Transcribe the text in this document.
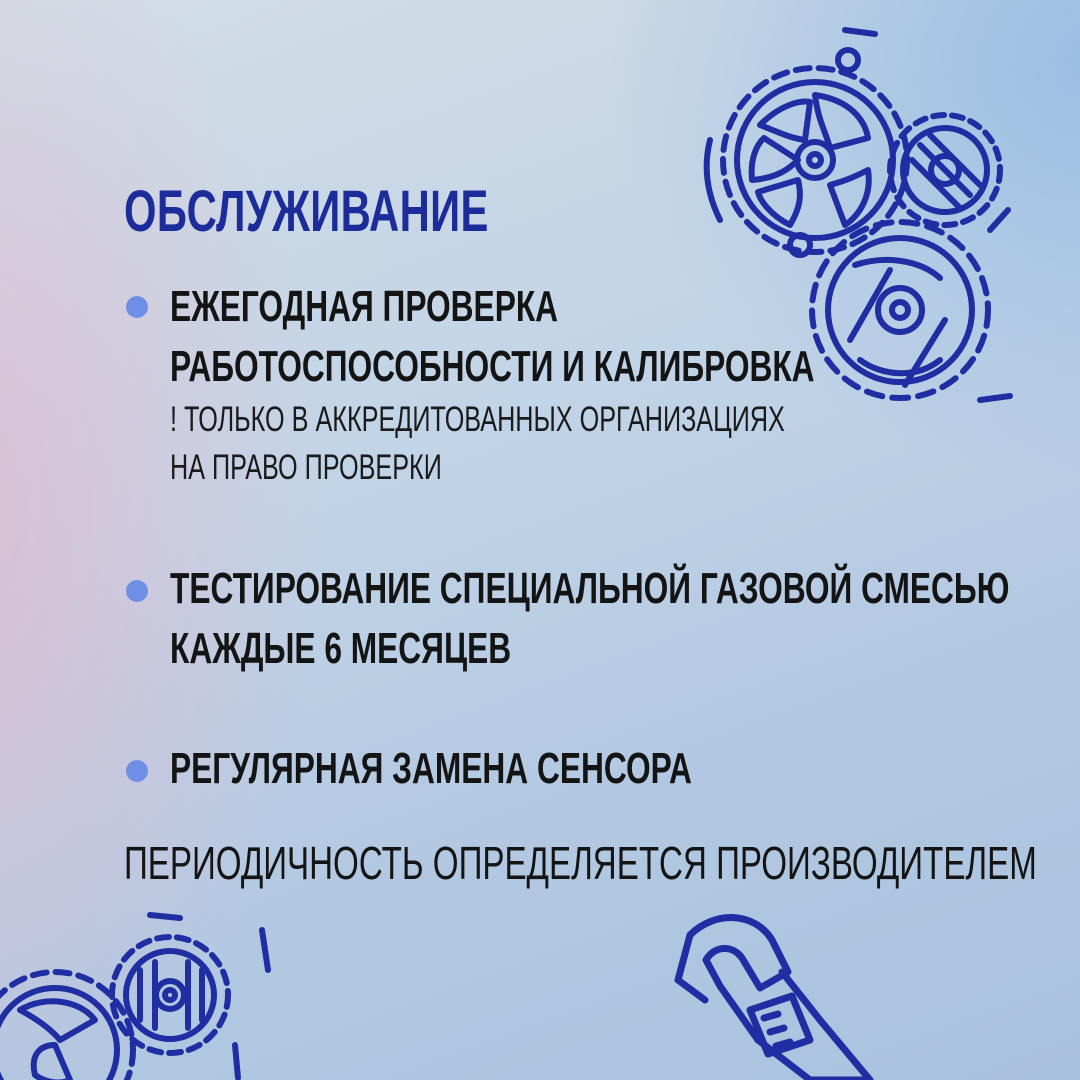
ОБСЛУЖИВАНИЕ

ЕЖЕГОДНАЯ ПРОВЕРКА

РАБОТОСПОСОБНОСТИ И КАЛИБРОВКА

! ТОЛЬКО В АККРЕДИТОВАННЫХ ОРГАНИЗАЦИЯХ

НА ПРАВО ПРОВЕРКИ

ТЕСТИРОВАНИЕ СПЕЦИАЛЬНОЙ ГАЗОВОЙ СМЕСЬЮ

КАЖДЫЕ 6 МЕСЯЦЕВ

РЕГУЛЯРНАЯ ЗАМЕНА СЕНСОРА

ПЕРИОДИЧНОСТЬ ОПРЕДЕЛЯЕТСЯ ПРОИЗВОДИТЕЛЕМ
